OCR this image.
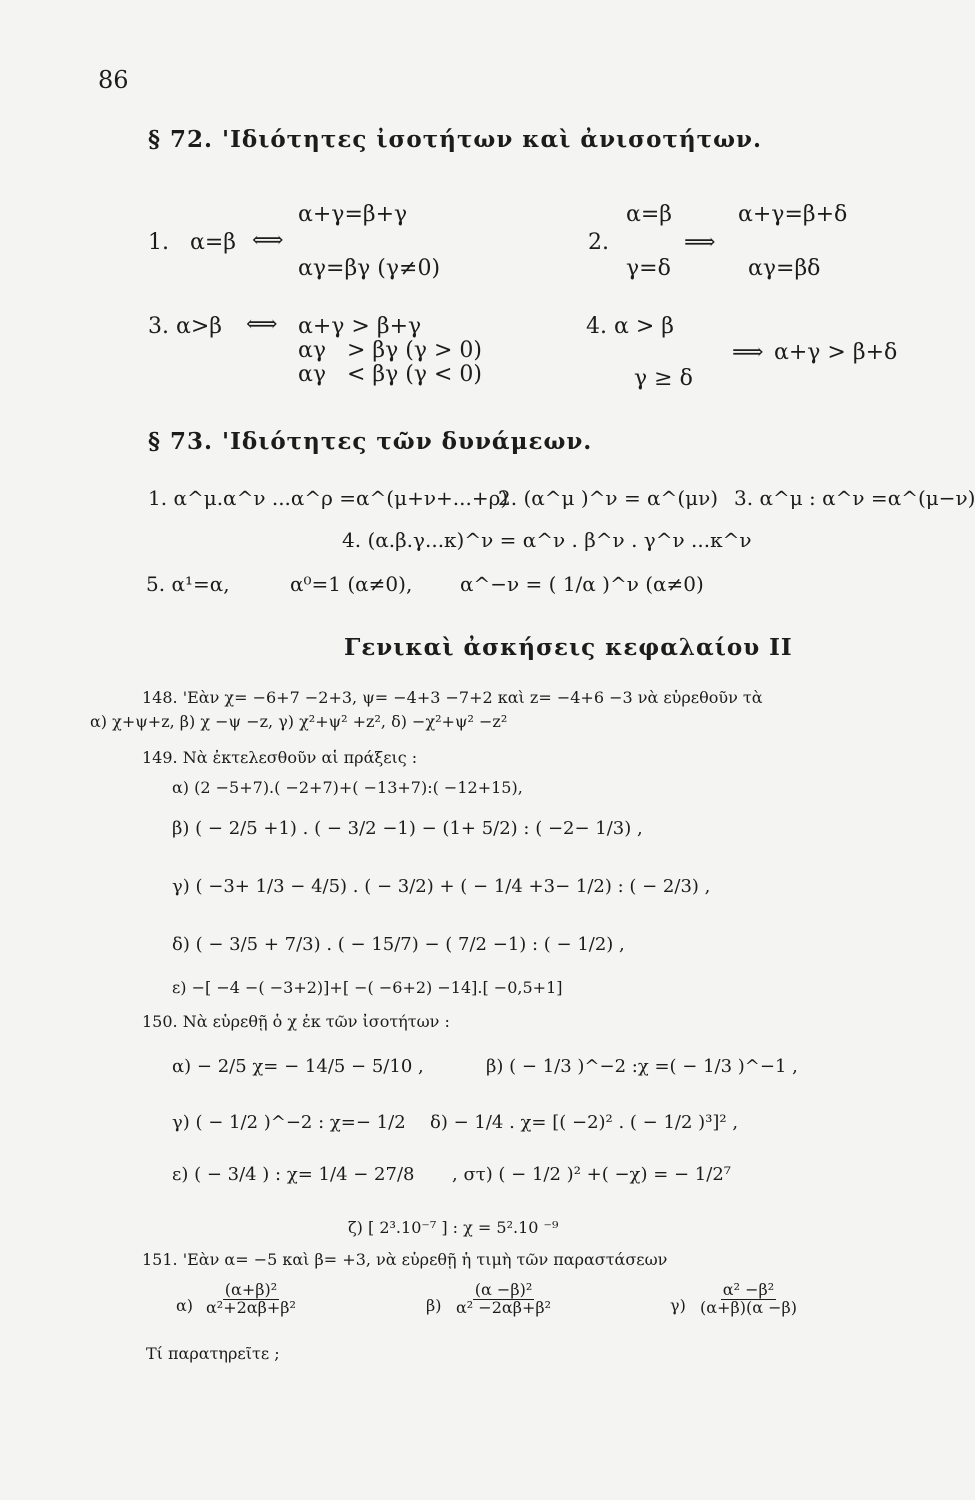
86
§ 72. 'Ιδιότητες ἰσοτήτων καὶ ἀνισοτήτων.
1. α=β ⟺
α+γ=β+γ
αγ=βγ (γ≠0)
2.
α=β
γ=δ
⟹
α+γ=β+δ
αγ=βδ
3. α>β ⟺ α+γ > β+γ
αγ   > βγ (γ > 0)
αγ   < βγ (γ < 0)
4. α > β
γ ≥ δ
⟹ α+γ > β+δ
§ 73. 'Ιδιότητες τῶν δυνάμεων.
1. α^μ.α^ν ...α^ρ =α^(μ+ν+...+ρ)
2. (α^μ )^ν = α^(μν) 3. α^μ : α^ν =α^(μ−ν)
4. (α.β.γ...κ)^ν = α^ν . β^ν . γ^ν ...κ^ν
5. α¹=α,	α⁰=1 (α≠0), α^−ν = ( 1/α )^ν (α≠0)
Γενικαὶ ἀσκήσεις κεφαλαίου II
148. 'Εὰν χ= −6+7 −2+3, ψ= −4+3 −7+2 καὶ z= −4+6 −3 νὰ εὑρεθοῦν τὰ
α) χ+ψ+z, β) χ −ψ −z, γ) χ²+ψ² +z², δ) −χ²+ψ² −z²
149. Νὰ ἐκτελεσθοῦν αἱ πράξεις :
α) (2 −5+7).( −2+7)+( −13+7):( −12+15),
β) ( − 2/5 +1) . ( − 3/2 −1) − (1+ 5/2) : ( −2− 1/3) ,
γ) ( −3+ 1/3 − 4/5) . ( − 3/2) + ( − 1/4 +3− 1/2) : ( − 2/3) ,
δ) ( − 3/5 + 7/3) . ( − 15/7) − ( 7/2 −1) : ( − 1/2) ,
ε) −[ −4 −( −3+2)]+[ −( −6+2) −14].[ −0,5+1]
150. Νὰ εὑρεθῇ ὁ χ ἐκ τῶν ἰσοτήτων :
α) − 2/5 χ= − 14/5 − 5/10 ,	β) ( − 1/3 )^−2 :χ =( − 1/3 )^−1 ,
γ) ( − 1/2 )^−2 : χ=− 1/2 δ) − 1/4 . χ= [( −2)² . ( − 1/2 )³]² ,
ε) ( − 3/4 ) : χ= 1/4 − 27/8 , στ) ( − 1/2 )² +( −χ) = − 1/2⁷
ζ) [ 2³.10⁻⁷ ] : χ = 5².10 ⁻⁹
151. 'Εὰν α= −5 καὶ β= +3, νὰ εὑρεθῇ ἡ τιμὴ τῶν παραστάσεων
$\alpha) \frac{\text{(α+β)²}}{\text{α²+2αβ+β²}}$	$\beta) \frac{\text{(α −β)²}}{\text{α² −2αβ+β²}}$	$\gamma) \frac{\text{α² −β²}}{(\alpha+\beta)(\alpha -\beta)}$
Τί παρατηρεῖτε ;
